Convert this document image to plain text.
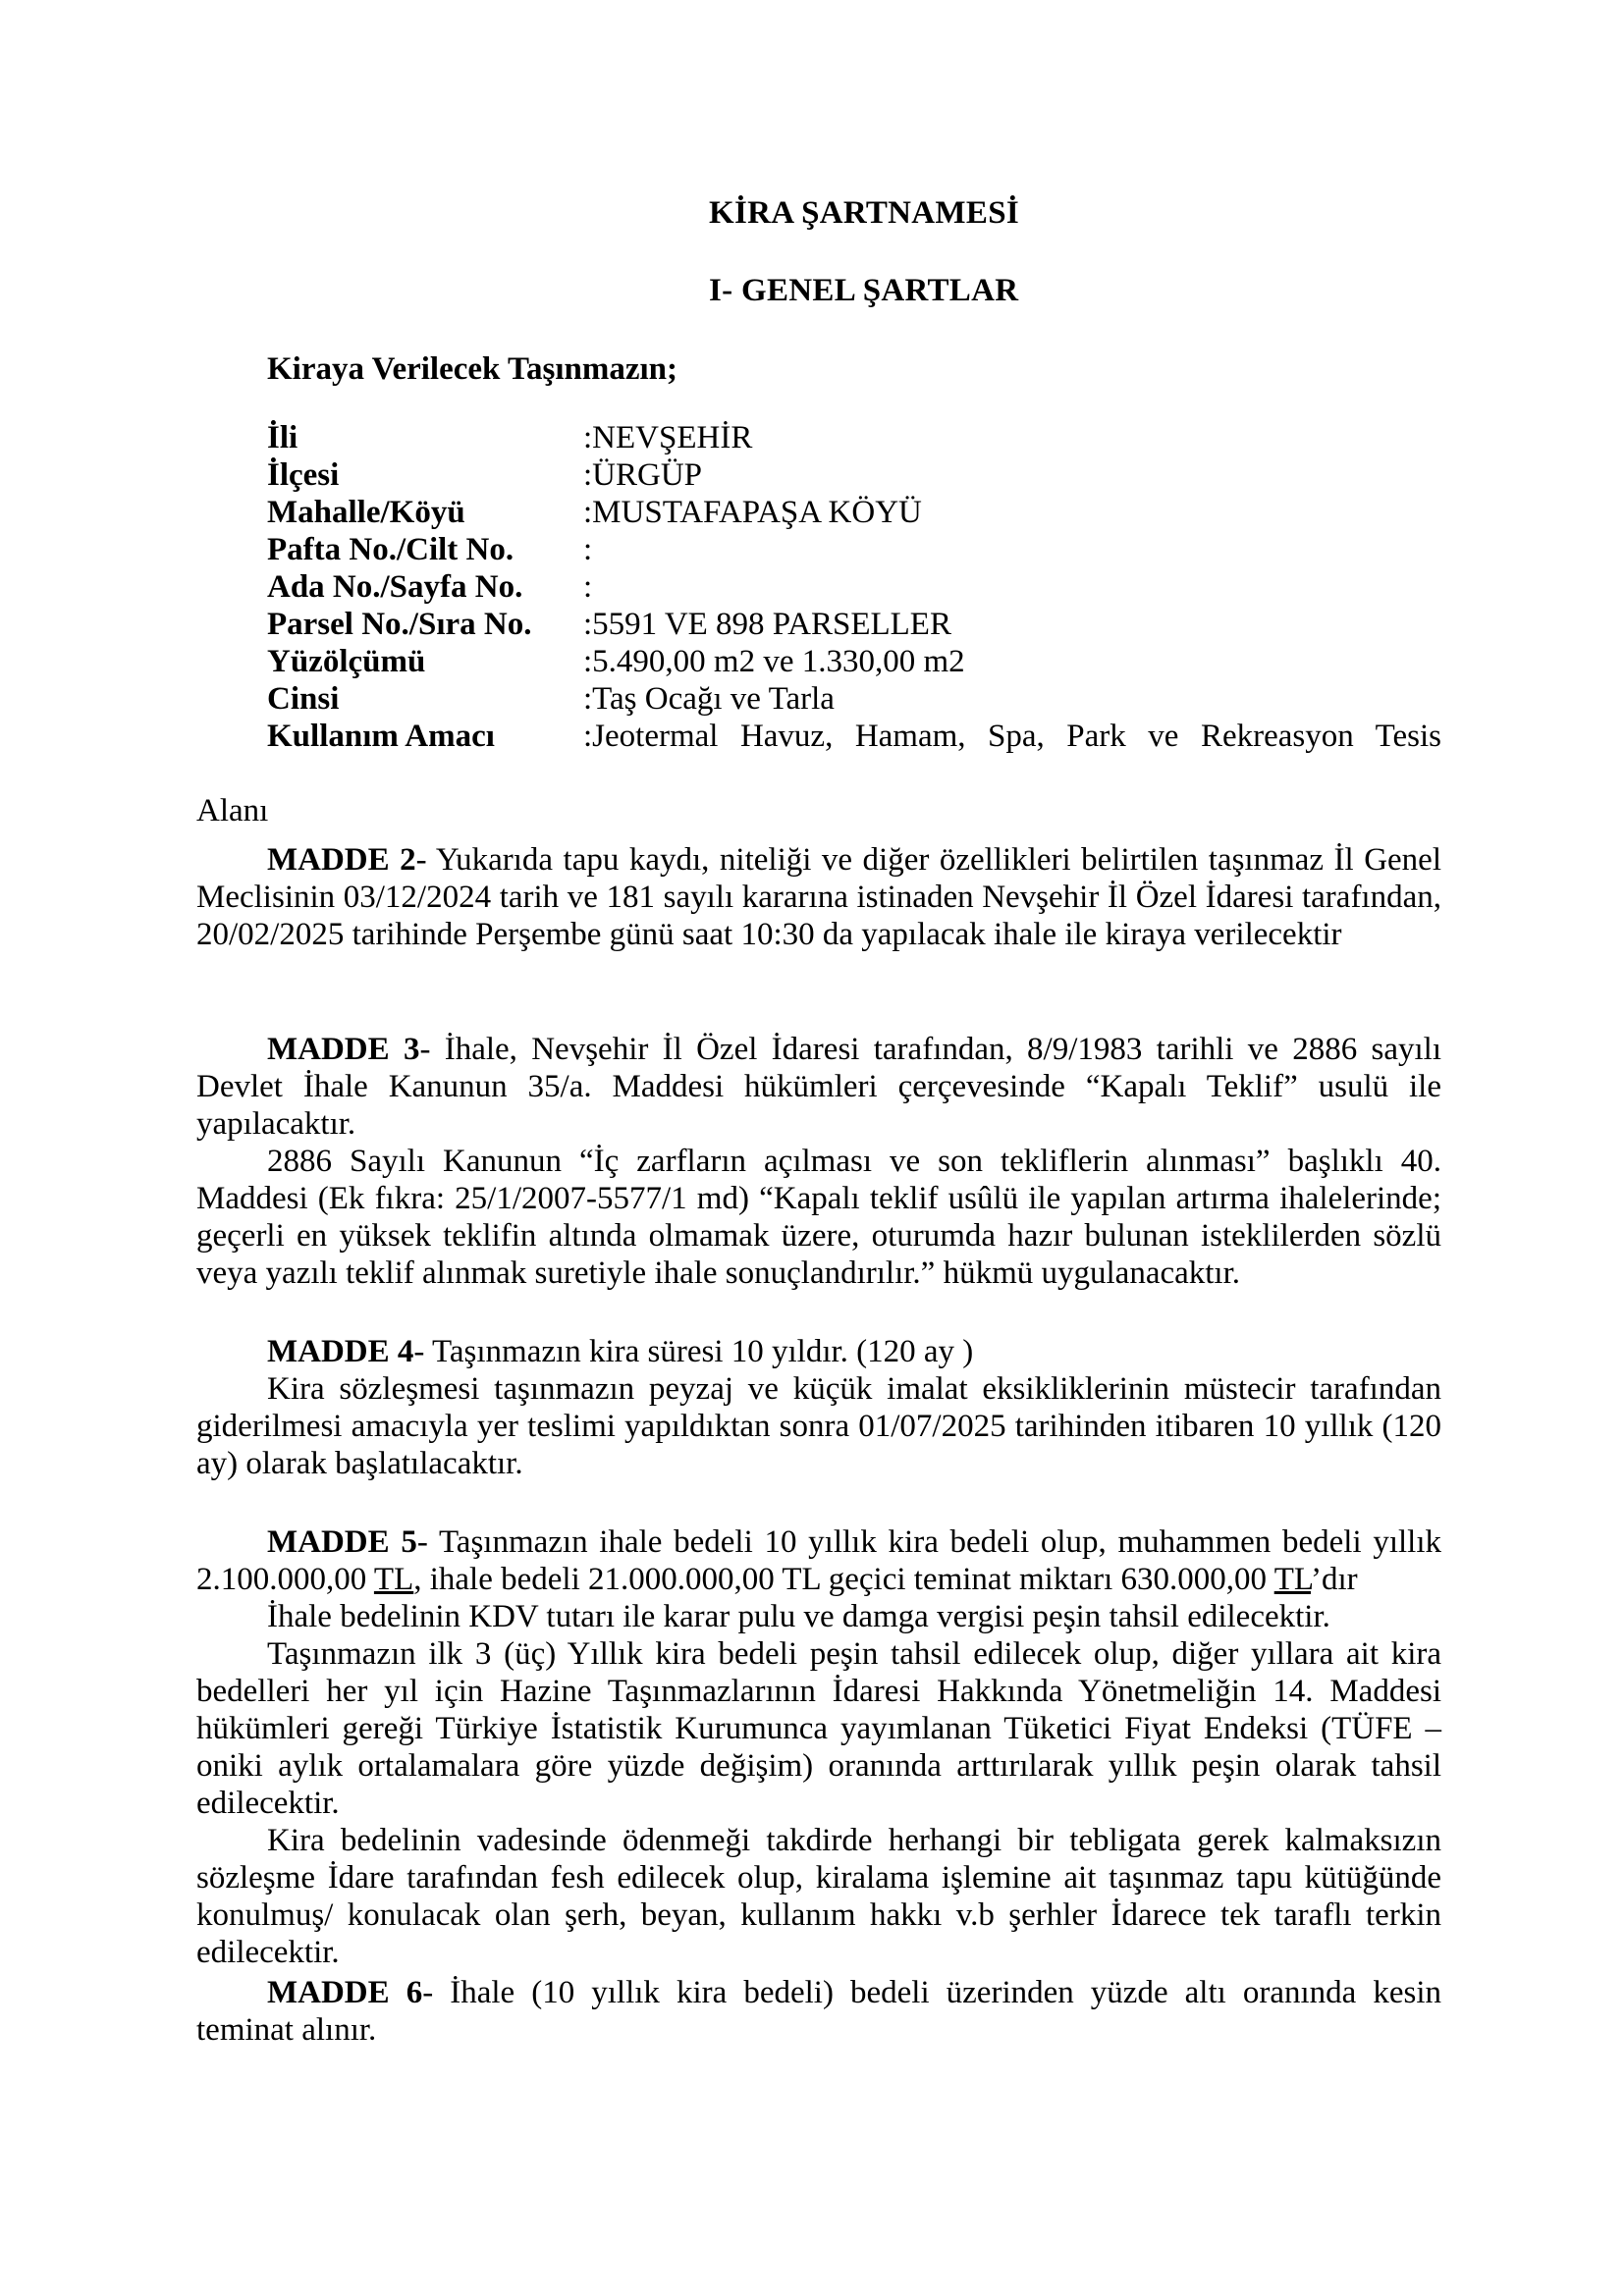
KİRA ŞARTNAMESİ
I- GENEL ŞARTLAR
Kiraya Verilecek Taşınmazın;
İli	:NEVŞEHİR
İlçesi	:ÜRGÜP
Mahalle/Köyü	:MUSTAFAPAŞA KÖYÜ
Pafta No./Cilt No. :
Ada No./Sayfa No. :
Parsel No./Sıra No. :5591 VE 898 PARSELLER
Yüzölçümü	:5.490,00 m2 ve 1.330,00 m2
Cinsi	:Taş Ocağı ve Tarla
Kullanım Amacı	:Jeotermal Havuz, Hamam, Spa, Park ve Rekreasyon Tesis
Alanı

MADDE 2- Yukarıda tapu kaydı, niteliği ve diğer özellikleri belirtilen taşınmaz İl Genel Meclisinin 03/12/2024 tarih ve 181 sayılı kararına istinaden Nevşehir İl Özel İdaresi tarafından, 20/02/2025 tarihinde Perşembe günü saat 10:30 da yapılacak ihale ile kiraya verilecektir

MADDE 3- İhale, Nevşehir İl Özel İdaresi tarafından, 8/9/1983 tarihli ve 2886 sayılı Devlet İhale Kanunun 35/a. Maddesi hükümleri çerçevesinde “Kapalı Teklif” usulü ile yapılacaktır.

2886 Sayılı Kanunun “İç zarfların açılması ve son tekliflerin alınması” başlıklı 40. Maddesi (Ek fıkra: 25/1/2007-5577/1 md) “Kapalı teklif usûlü ile yapılan artırma ihalelerinde; geçerli en yüksek teklifin altında olmamak üzere, oturumda hazır bulunan isteklilerden sözlü veya yazılı teklif alınmak suretiyle ihale sonuçlandırılır.” hükmü uygulanacaktır.

MADDE 4- Taşınmazın kira süresi 10 yıldır. (120 ay )

Kira sözleşmesi taşınmazın peyzaj ve küçük imalat eksikliklerinin müstecir tarafından giderilmesi amacıyla yer teslimi yapıldıktan sonra 01/07/2025 tarihinden itibaren 10 yıllık (120 ay) olarak başlatılacaktır.

MADDE 5- Taşınmazın ihale bedeli 10 yıllık kira bedeli olup, muhammen bedeli yıllık 2.100.000,00 TL, ihale bedeli 21.000.000,00 TL geçici teminat miktarı 630.000,00 TL’dır

İhale bedelinin KDV tutarı ile karar pulu ve damga vergisi peşin tahsil edilecektir.

Taşınmazın ilk 3 (üç) Yıllık kira bedeli peşin tahsil edilecek olup, diğer yıllara ait kira bedelleri her yıl için Hazine Taşınmazlarının İdaresi Hakkında Yönetmeliğin 14. Maddesi hükümleri gereği Türkiye İstatistik Kurumunca yayımlanan Tüketici Fiyat Endeksi (TÜFE – oniki aylık ortalamalara göre yüzde değişim) oranında arttırılarak yıllık peşin olarak tahsil edilecektir.

Kira bedelinin vadesinde ödenmeği takdirde herhangi bir tebligata gerek kalmaksızın sözleşme İdare tarafından fesh edilecek olup, kiralama işlemine ait taşınmaz tapu kütüğünde konulmuş/ konulacak olan şerh, beyan, kullanım hakkı v.b şerhler İdarece tek taraflı terkin edilecektir.

MADDE 6- İhale (10 yıllık kira bedeli) bedeli üzerinden yüzde altı oranında kesin teminat alınır.
